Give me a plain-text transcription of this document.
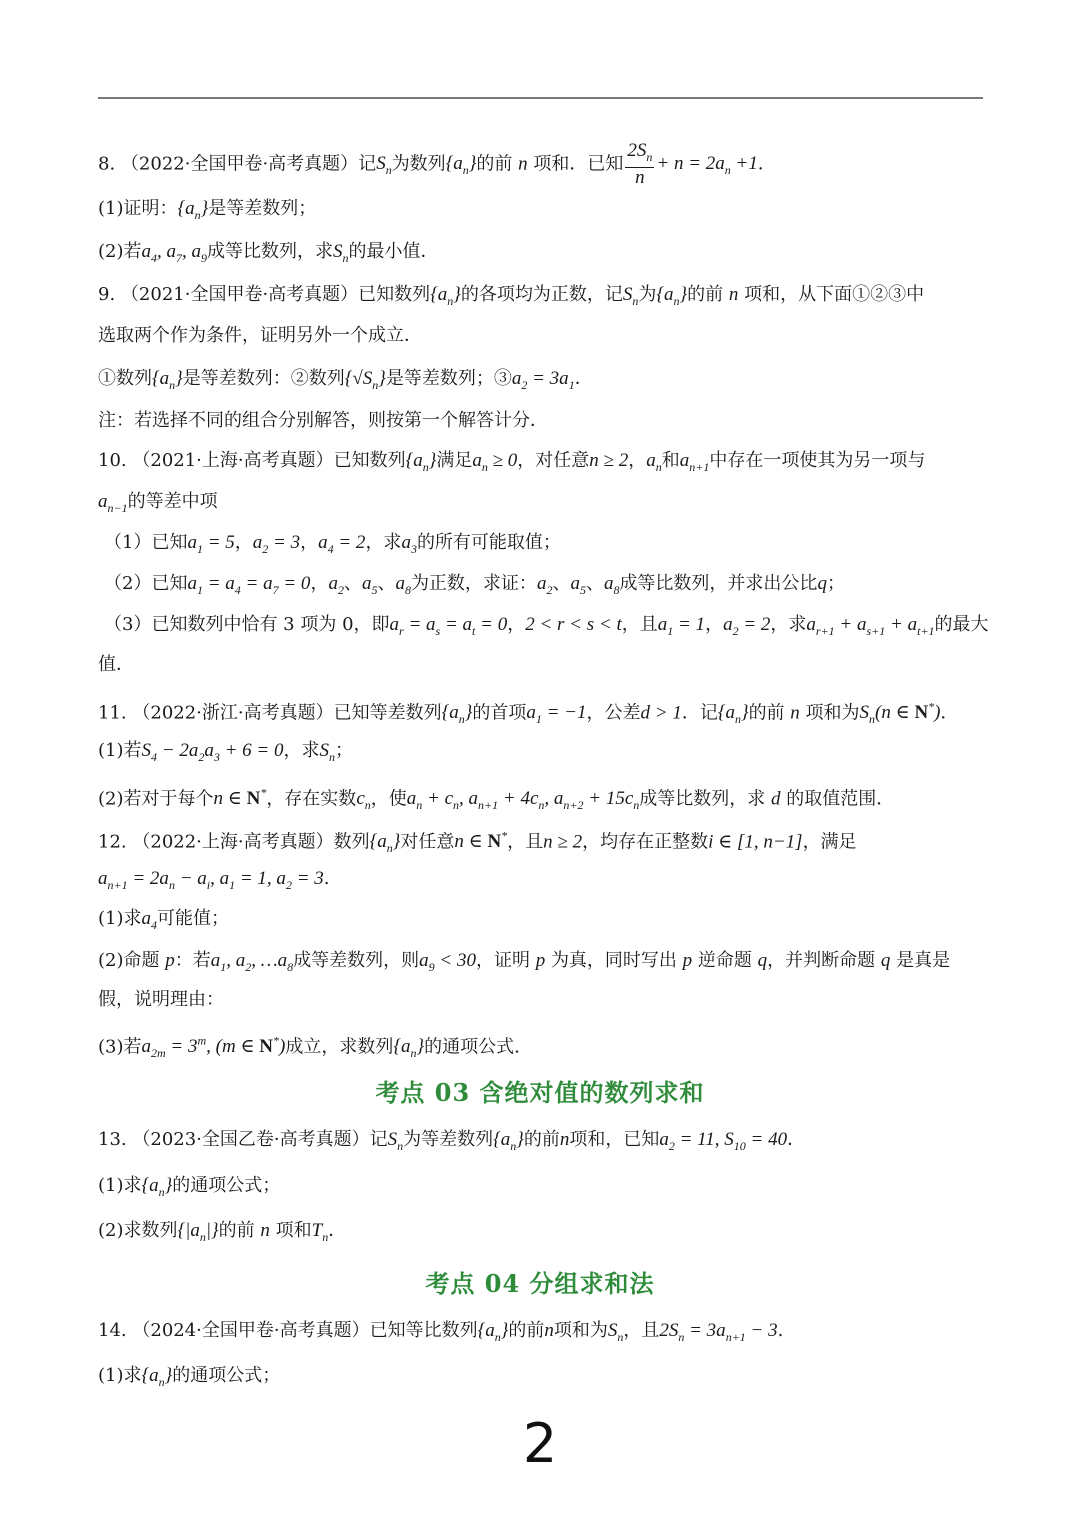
8. （2022·全国甲卷·高考真题）记$S_n$为数列$\{a_n\}$的前 n 项和．已知 $\frac{2S_n}{n} + n = 2a_n +1$．
(1)证明：$\{a_n\}$是等差数列；
(2)若$a_4$, $a_7$, $a_9$成等比数列，求$S_n$的最小值．
9. （2021·全国甲卷·高考真题）已知数列$\{a_n\}$的各项均为正数，记$S_n$为$\{a_n\}$的前 n 项和，从下面①②③中
选取两个作为条件，证明另外一个成立．
①数列$\{a_n\}$是等差数列：②数列$\{√S_n\}$是等差数列；$③a_2 = 3a_1$．
注：若选择不同的组合分别解答，则按第一个解答计分．
10. （2021·上海·高考真题）已知数列$\{a_n\}$满足$a_n \ge 0$，对任意n ≥ 2，$a_n$和$a_{n+1}$中存在一项使其为另一项与
$a_{n-1}$的等差中项
（1）已知$a_1 = 5$，$a_2 = 3$，$a_4 = 2$，求$a_3$的所有可能取值；
（2）已知$a_1 = a_4 = a_7 = 0$，$a_2$、$a_5$、$a_8$为正数，求证：$a_2$、$a_5$、$a_8$成等比数列，并求出公比q；
（3）已知数列中恰有 3 项为 0，即$a_r = a_s = a_t = 0$，2 < r < s < t，且$a_1 = 1$，$a_2 = 2$，求$a_{r+1} + a_{s+1} + a_{t+1}$的最大
值．
11. （2022·浙江·高考真题）已知等差数列$\{a_n\}$的首项$a_1 = -1$，公差d > 1．记$\{a_n\}$的前 n 项和为$S_n(n$ ∈ N*)．
(1)若$S_4 - 2a_2a_3 + 6 = 0$，求$S_n$；
(2)若对于每个n ∈ N*，存在实数$c_n$，使$a_n + c_n$, $a_{n+1} + 4c_n$, $a_{n+2} + 15c_n$成等比数列，求 d 的取值范围．
12. （2022·上海·高考真题）数列$\{a_n\}$对任意n ∈ N*，且n ≥ 2，均存在正整数i ∈ [1, n−1]，满足
$a_{n+1} = 2a_n - a_i$, $a_1 = 1$, $a_2 = 3$.
(1)求$a_4$可能值；
(2)命题 p：若$a_1$, $a_2$, $\dots a_8$成等差数列，则$a_9 < 30$，证明 p 为真，同时写出 p 逆命题 q，并判断命题 q 是真是
假，说明理由：
(3)若$a_{2m} = 3^m$, (m ∈ N*)成立，求数列$\{a_n\}$的通项公式.
考点 03 含绝对值的数列求和
13. （2023·全国乙卷·高考真题）记$S_n$为等差数列$\{a_n\}$的前n项和，已知$a_2 = 11$, $S_{10} = 40$．
(1)求$\{a_n\}$的通项公式；
(2)求数列$\{|a_n|\}$的前 n 项和$T_n$．
考点 04 分组求和法
14. （2024·全国甲卷·高考真题）已知等比数列$\{a_n\}$的前n项和为$S_n$，且$2S_n = 3a_{n+1} - 3$.
(1)求$\{a_n\}$的通项公式；
2
